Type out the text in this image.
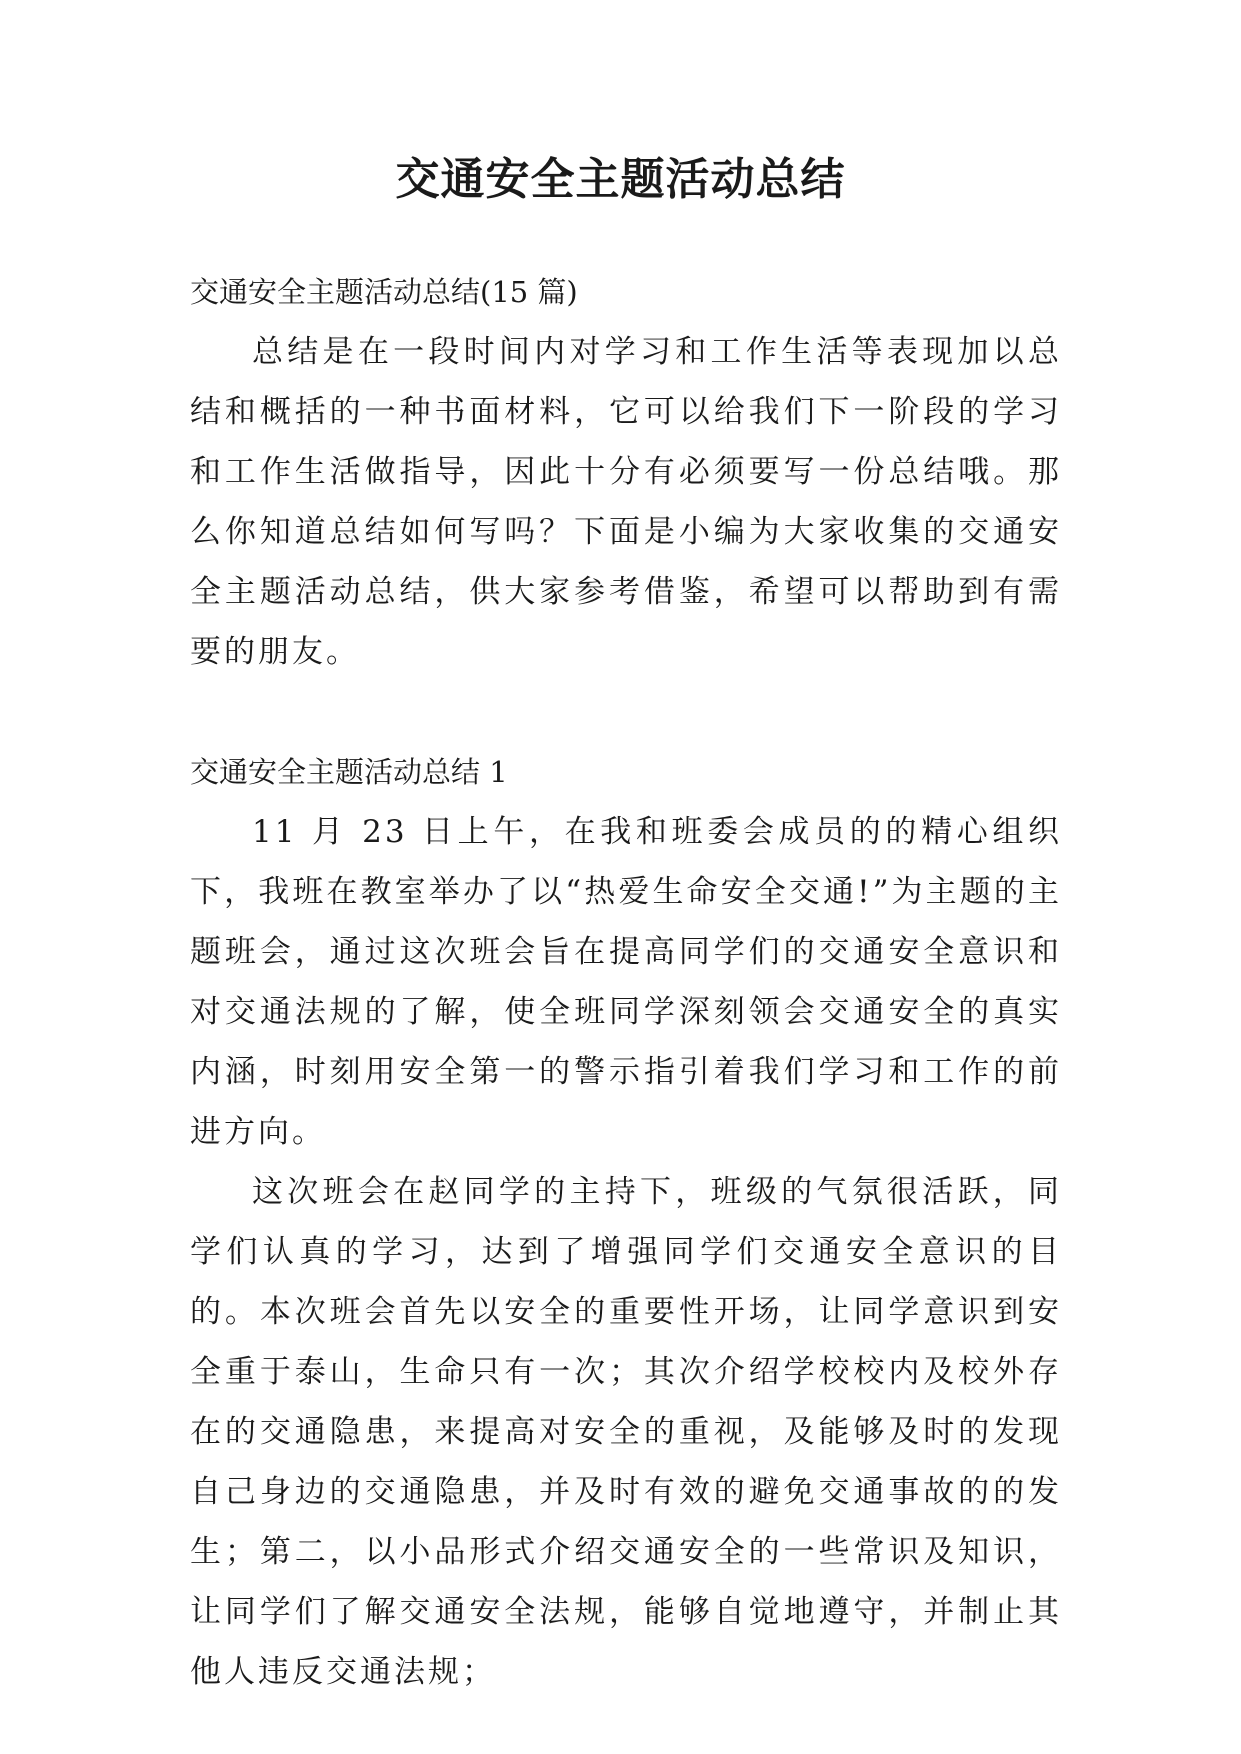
交通安全主题活动总结

交通安全主题活动总结(15 篇)

总结是在一段时间内对学习和工作生活等表现加以总结和概括的一种书面材料，它可以给我们下一阶段的学习和工作生活做指导，因此十分有必须要写一份总结哦。那么你知道总结如何写吗？下面是小编为大家收集的交通安全主题活动总结，供大家参考借鉴，希望可以帮助到有需要的朋友。

交通安全主题活动总结 1

11 月 23 日上午，在我和班委会成员的的精心组织下，我班在教室举办了以“热爱生命安全交通!”为主题的主题班会，通过这次班会旨在提高同学们的交通安全意识和对交通法规的了解，使全班同学深刻领会交通安全的真实内涵，时刻用安全第一的警示指引着我们学习和工作的前进方向。

这次班会在赵同学的主持下，班级的气氛很活跃，同学们认真的学习，达到了增强同学们交通安全意识的目的。本次班会首先以安全的重要性开场，让同学意识到安全重于泰山，生命只有一次；其次介绍学校校内及校外存在的交通隐患，来提高对安全的重视，及能够及时的发现自己身边的交通隐患，并及时有效的避免交通事故的的发生；第二，以小品形式介绍交通安全的一些常识及知识，让同学们了解交通安全法规，能够自觉地遵守，并制止其他人违反交通法规；
